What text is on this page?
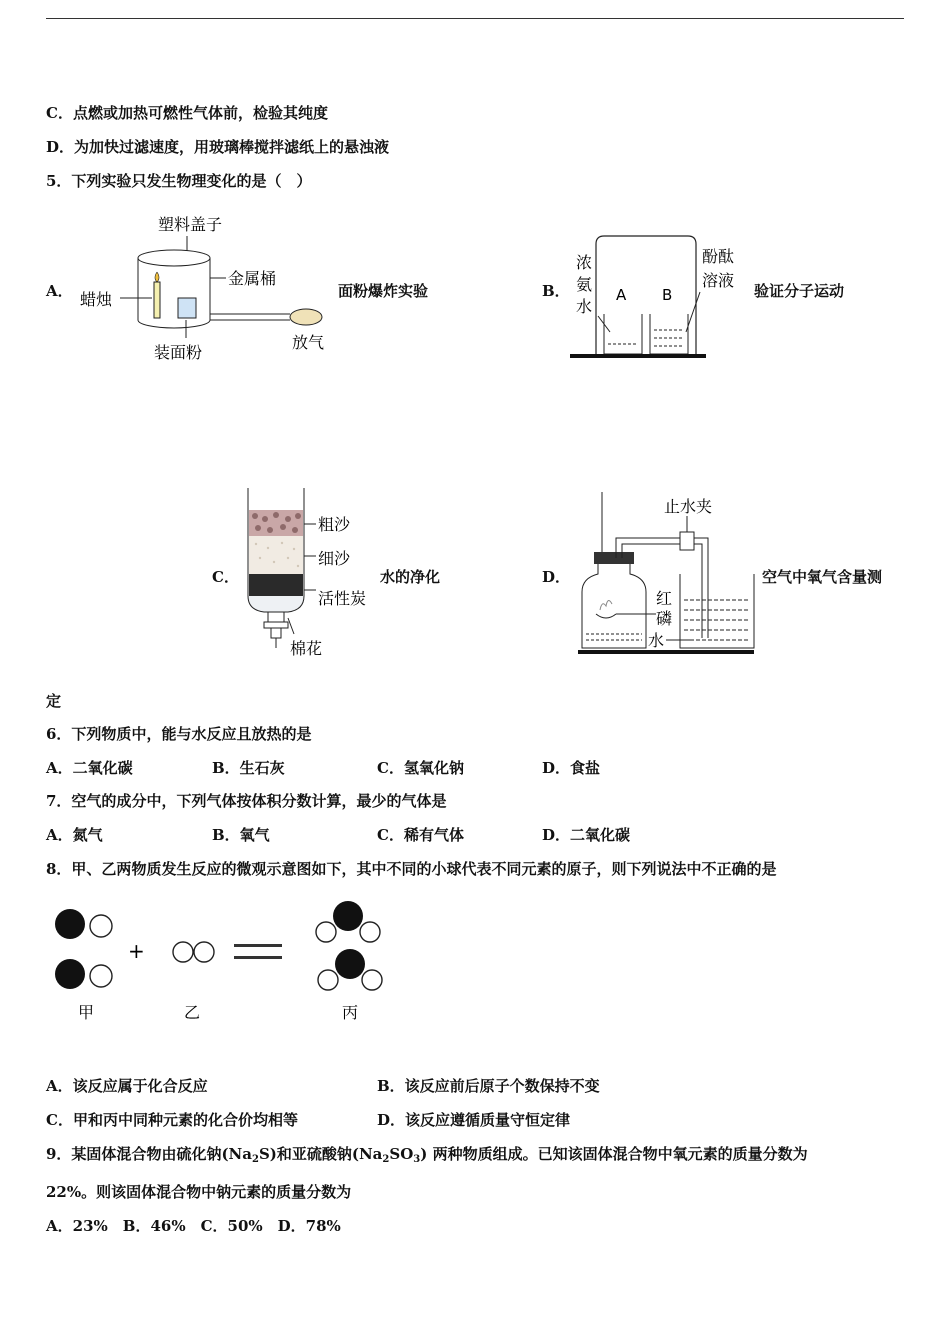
C．点燃或加热可燃性气体前，检验其纯度
D．为加快过滤速度，用玻璃棒搅拌滤纸上的悬浊液
5．下列实验只发生物理变化的是（　）
A．
塑料盖子
金属桶
蜡烛
装面粉
放气
面粉爆炸实验	B．
浓
氨
水
酚酞
溶液
A B	验证分子运动
C．
粗沙
细沙
活性炭
棉花
水的净化	D．
止水夹
红
磷
水
空气中氧气含量测
定
6．下列物质中，能与水反应且放热的是
A．二氧化碳	B．生石灰	C．氢氧化钠	D．食盐
7．空气的成分中，下列气体按体积分数计算，最少的气体是
A．氮气	B．氧气	C．稀有气体	D．二氧化碳
8．甲、乙两物质发生反应的微观示意图如下，其中不同的小球代表不同元素的原子，则下列说法中不正确的是
+
甲	乙	丙
A．该反应属于化合反应	B．该反应前后原子个数保持不变
C．甲和丙中同种元素的化合价均相等	D．该反应遵循质量守恒定律
9．某固体混合物由硫化钠$(Na_2S)$和亚硫酸钠$(Na_2SO_3)$ 两种物质组成。已知该固体混合物中氧元素的质量分数为
22%。则该固体混合物中钠元素的质量分数为
A．23%　B．46%　C．50%　D．78%
